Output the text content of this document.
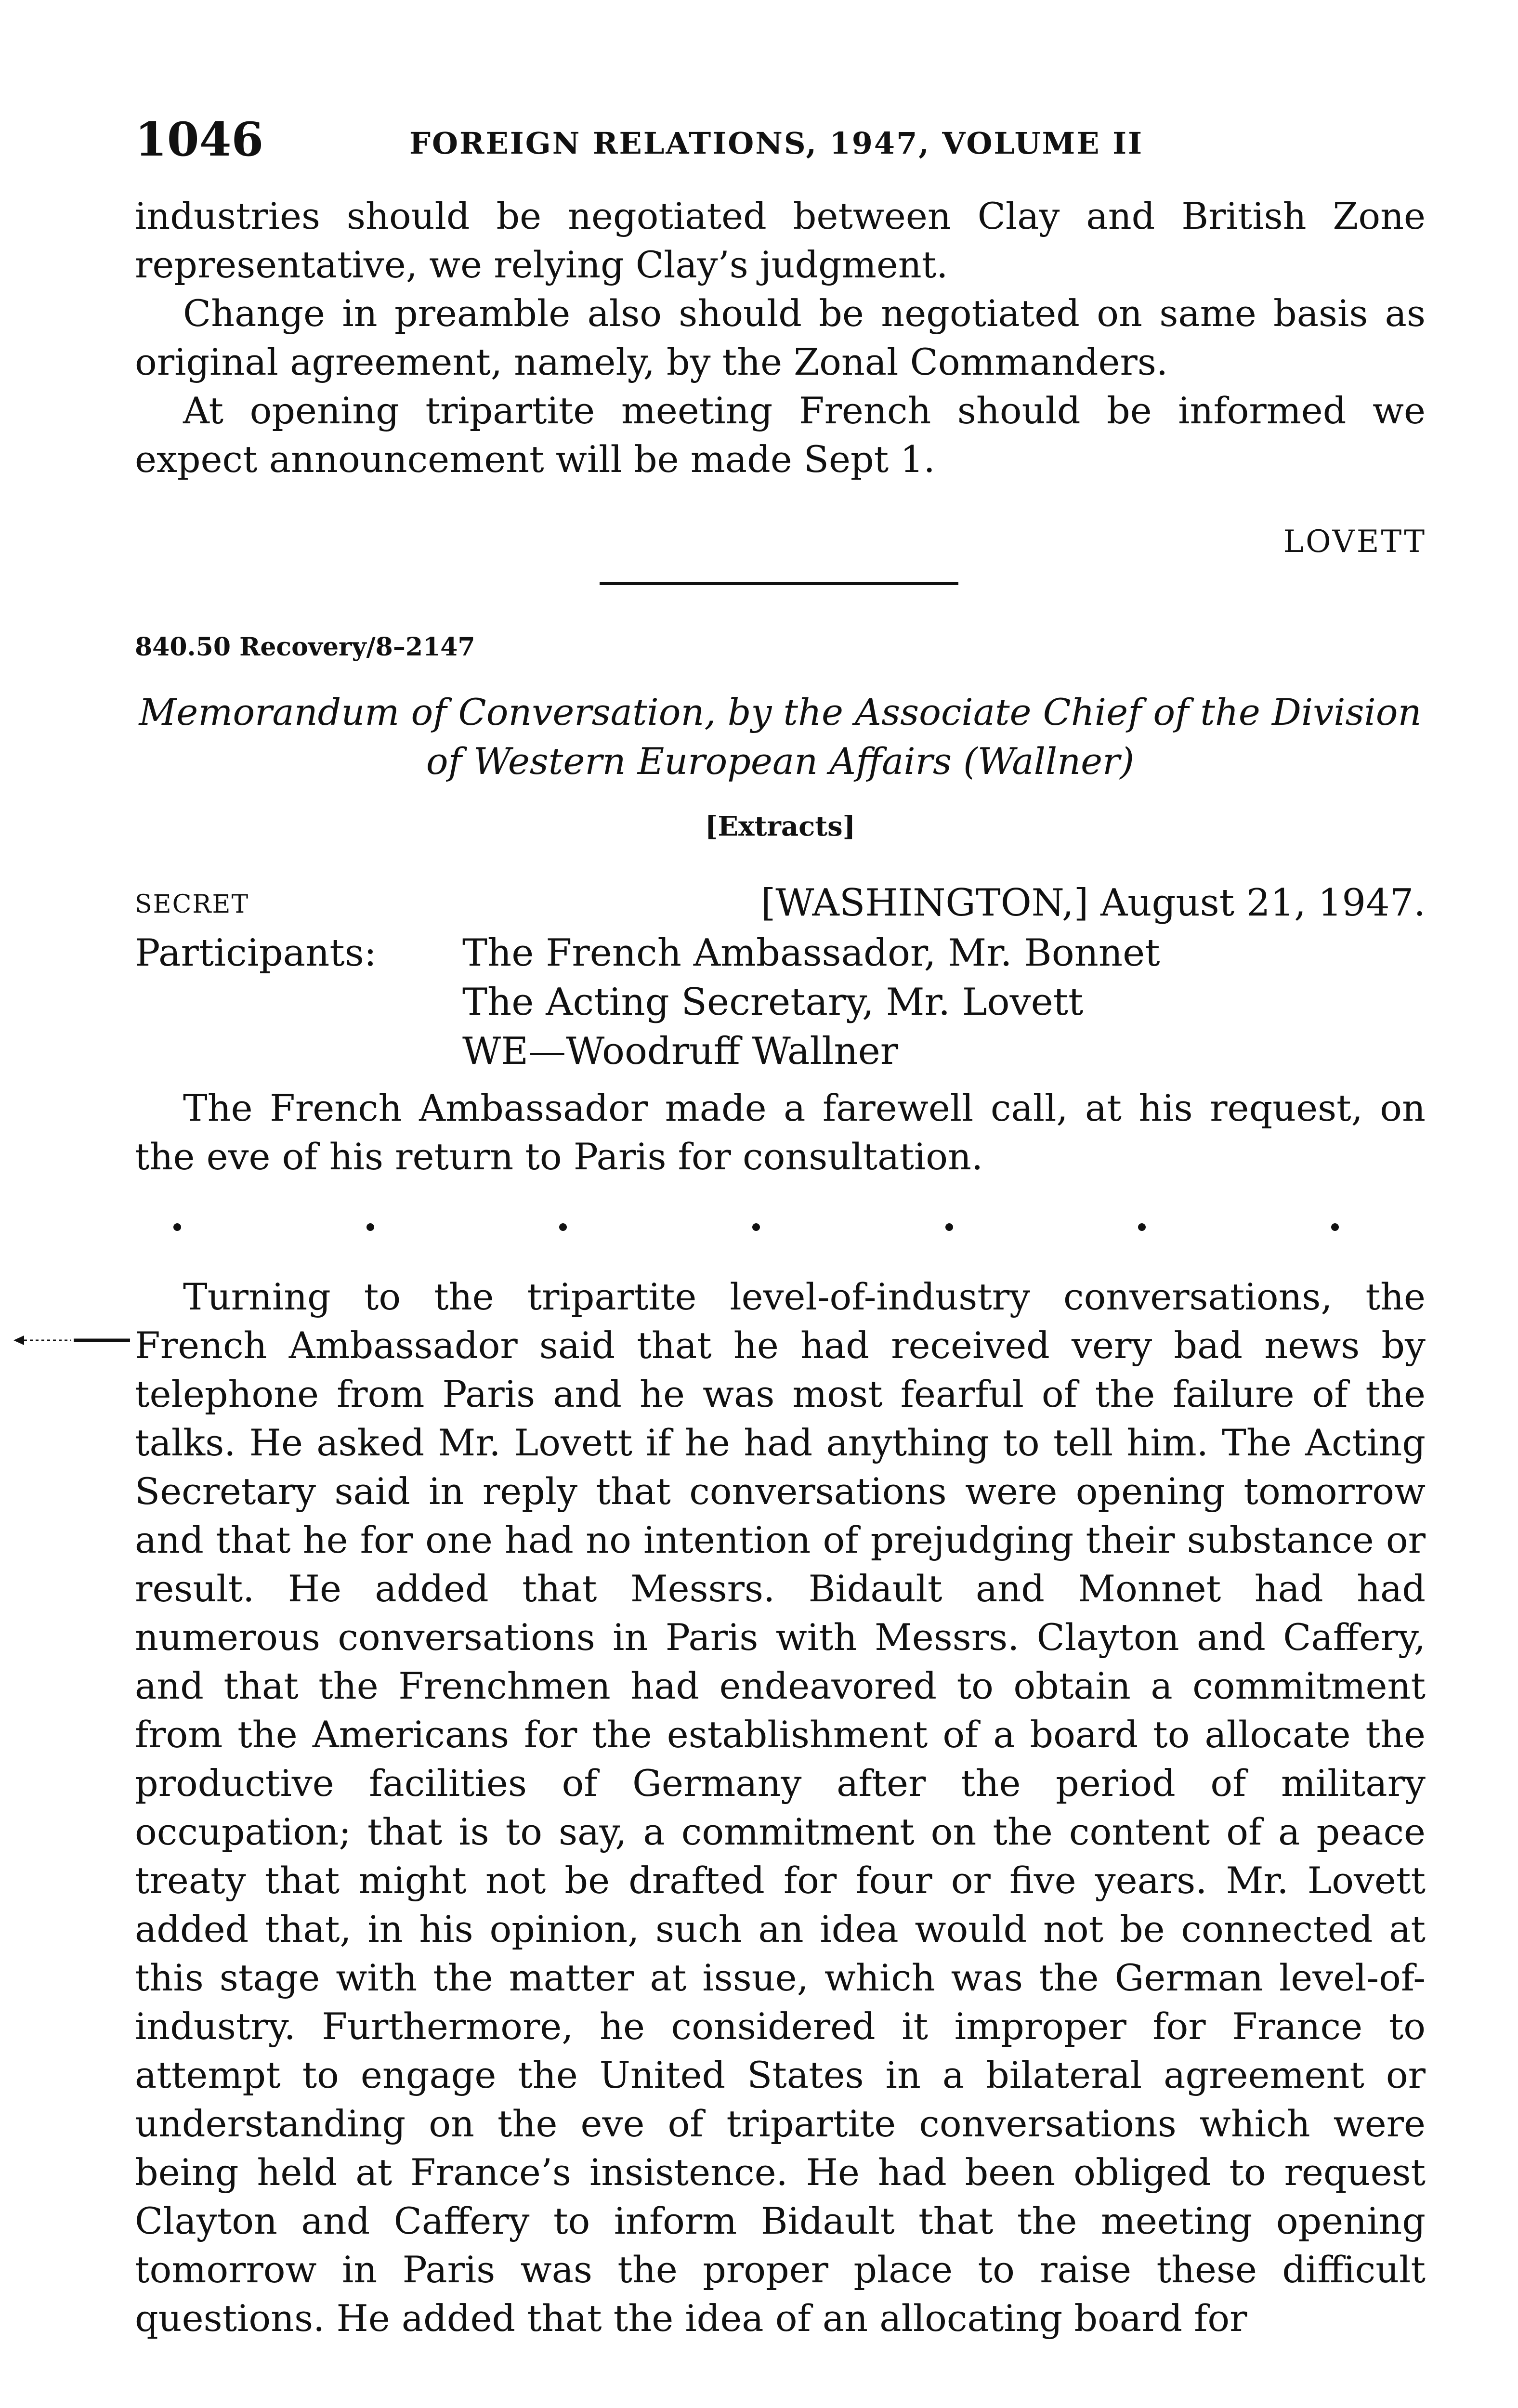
1046	FOREIGN RELATIONS, 1947, VOLUME II

industries should be negotiated between Clay and British Zone representative, we relying Clay’s judgment.

Change in preamble also should be negotiated on same basis as original agreement, namely, by the Zonal Commanders.

At opening tripartite meeting French should be informed we expect announcement will be made Sept 1.

LOVETT
840.50 Recovery/8–2147
Memorandum of Conversation, by the Associate Chief of the Division
of Western European Affairs (Wallner)
[Extracts]
SECRET	[WASHINGTON,] August 21, 1947.
Participants: The French Ambassador, Mr. Bonnet
The Acting Secretary, Mr. Lovett
WE—Woodruff Wallner

The French Ambassador made a farewell call, at his request, on the eve of his return to Paris for consultation.

Turning to the tripartite level-of-industry conversations, the French Ambassador said that he had received very bad news by telephone from Paris and he was most fearful of the failure of the talks. He asked Mr. Lovett if he had anything to tell him. The Acting Secretary said in reply that conversations were opening tomorrow and that he for one had no intention of prejudging their substance or result. He added that Messrs. Bidault and Monnet had had numerous conversations in Paris with Messrs. Clayton and Caffery, and that the Frenchmen had endeavored to obtain a commitment from the Americans for the establishment of a board to allocate the productive facilities of Germany after the period of military occupation; that is to say, a commitment on the content of a peace treaty that might not be drafted for four or five years. Mr. Lovett added that, in his opinion, such an idea would not be connected at this stage with the matter at issue, which was the German level-of-industry. Furthermore, he considered it improper for France to attempt to engage the United States in a bilateral agreement or understanding on the eve of tripartite conversations which were being held at France’s insistence. He had been obliged to request Clayton and Caffery to inform Bidault that the meeting opening tomorrow in Paris was the proper place to raise these difficult questions. He added that the idea of an allocating board for
